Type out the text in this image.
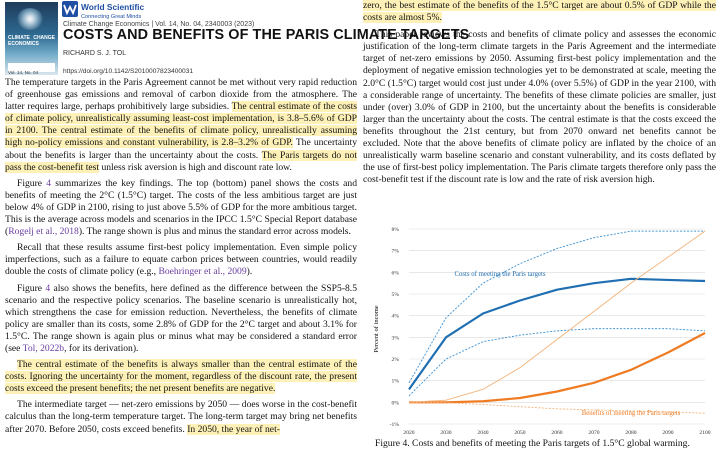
CLIMATE CHANGE ECONOMICS
World Scientific
Connecting Great Minds
Climate Change Economics | Vol. 14, No. 04, 2340003 (2023)
COSTS AND BENEFITS OF THE PARIS CLIMATE TARGETS
RICHARD S. J. TOL
Vol. 14, No. 04	https://doi.org/10.1142/S2010007823400031

The temperature targets in the Paris Agreement cannot be met without very rapid reduction of greenhouse gas emissions and removal of carbon dioxide from the atmosphere. The latter requires large, perhaps prohibitively large subsidies. The central estimate of the costs of climate policy, unrealistically assuming least-cost implementation, is 3.8–5.6% of GDP in 2100. The central estimate of the benefits of climate policy, unrealistically assuming high no-policy emissions and constant vulnerability, is 2.8–3.2% of GDP. The uncertainty about the benefits is larger than the uncertainty about the costs. The Paris targets do not pass the cost-benefit test unless risk aversion is high and discount rate low.

Figure 4 summarizes the key findings. The top (bottom) panel shows the costs and benefits of meeting the 2°C (1.5°C) target. The costs of the less ambitious target are just below 4% of GDP in 2100, rising to just above 5.5% of GDP for the more ambitious target. This is the average across models and scenarios in the IPCC 1.5°C Special Report database (Rogelj et al., 2018). The range shown is plus and minus the standard error across models.

Recall that these results assume first-best policy implementation. Even simple policy imperfections, such as a failure to equate carbon prices between countries, would readily double the costs of climate policy (e.g., Boehringer et al., 2009).

Figure 4 also shows the benefits, here defined as the difference between the SSP5-8.5 scenario and the respective policy scenarios. The baseline scenario is unrealistically hot, which strengthens the case for emission reduction. Nevertheless, the benefits of climate policy are smaller than its costs, some 2.8% of GDP for the 2°C target and about 3.1% for 1.5°C. The range shown is again plus or minus what may be considered a standard error (see Tol, 2022b, for its derivation).

The central estimate of the benefits is always smaller than the central estimate of the costs. Ignoring the uncertainty for the moment, regardless of the discount rate, the present costs exceed the present benefits; the net present benefits are negative.

The intermediate target — net-zero emissions by 2050 — does worse in the cost-benefit calculus than the long-term temperature target. The long-term target may bring net benefits after 2070. Before 2050, costs exceed benefits. In 2050, the year of net-

zero, the best estimate of the benefits of the 1.5°C target are about 0.5% of GDP while the costs are almost 5%.

This paper reviews the costs and benefits of climate policy and assesses the economic justification of the long-term climate targets in the Paris Agreement and the intermediate target of net-zero emissions by 2050. Assuming first-best policy implementation and the deployment of negative emission technologies yet to be demonstrated at scale, meeting the 2.0°C (1.5°C) target would cost just under 4.0% (over 5.5%) of GDP in the year 2100, with a considerable range of uncertainty. The benefits of these climate policies are smaller, just under (over) 3.0% of GDP in 2100, but the uncertainty about the benefits is considerable larger than the uncertainty about the costs. The central estimate is that the costs exceed the benefits throughout the 21st century, but from 2070 onward net benefits cannot be excluded. Note that the above benefits of climate policy are inflated by the choice of an unrealistically warm baseline scenario and constant vulnerability, and its costs deflated by the use of first-best policy implementation. The Paris climate targets therefore only pass the cost-benefit test if the discount rate is low and the rate of risk aversion high.

-1%
0%
1%
2%
3%
4%
5%
6%
7%
8%
2020	2030	2040	2050	2060	2070	2080	2090	2100
Percent of income
Costs of meeting the Paris targets
Benefits of meeting the Paris targets
Figure 4. Costs and benefits of meeting the Paris targets of 1.5°C global warming.
